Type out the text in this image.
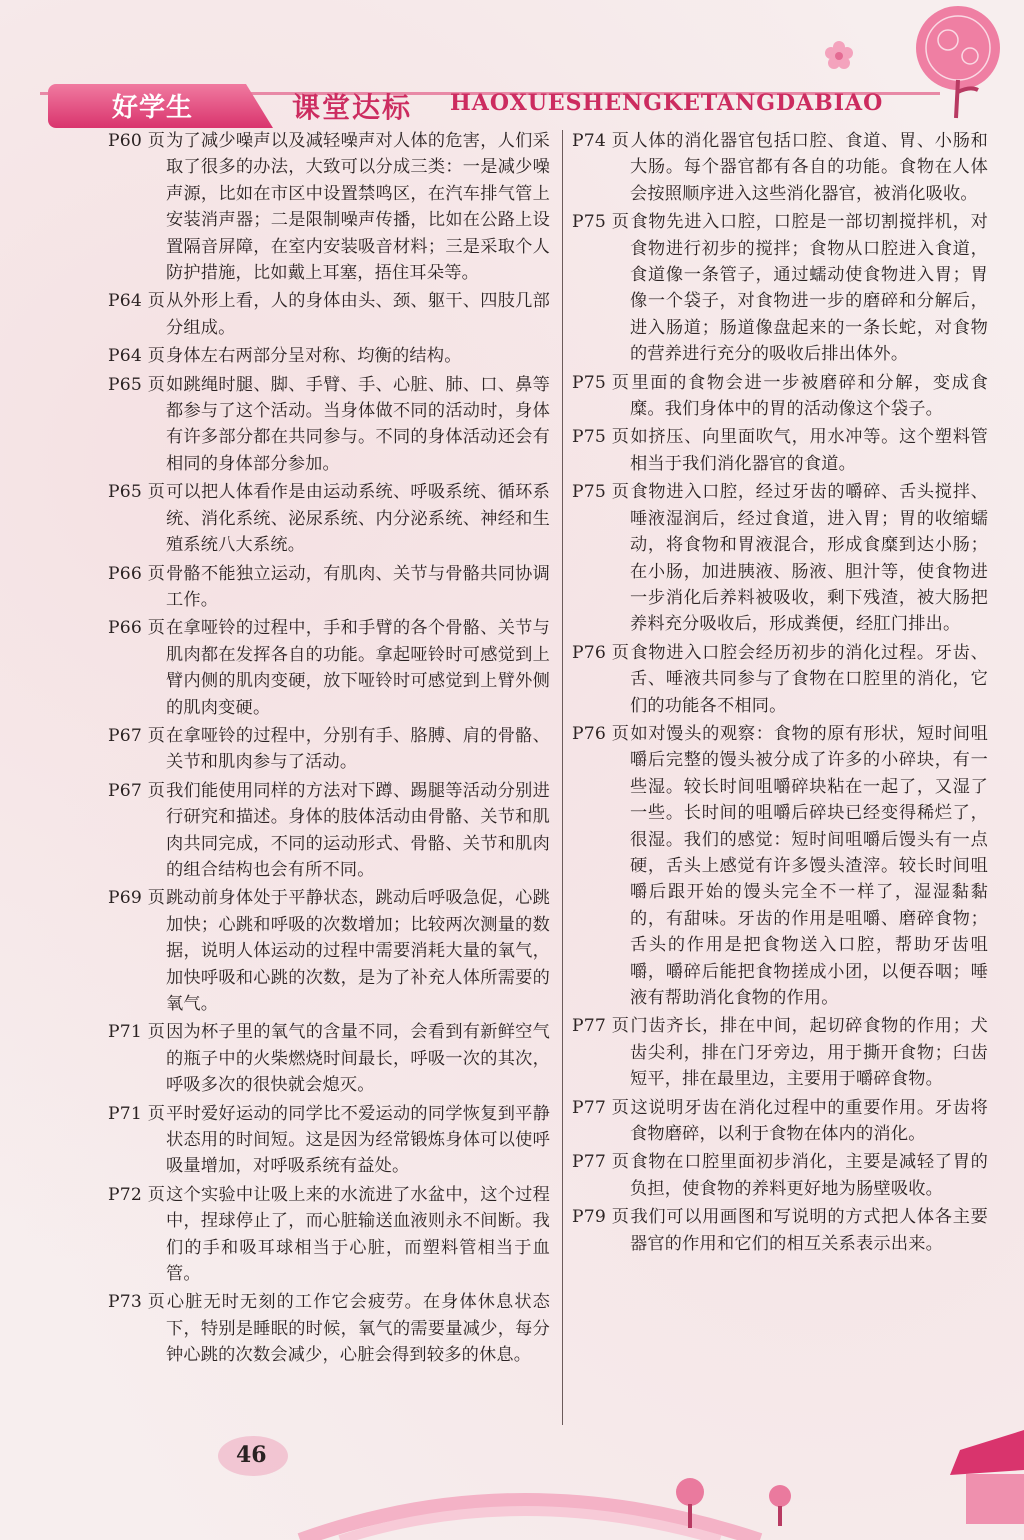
好学生	课堂达标 HAOXUESHENGKETANGDABIAO
P60 页为了减少噪声以及减轻噪声对人体的危害，人们采取了很多的办法，大致可以分成三类：一是减少噪声源，比如在市区中设置禁鸣区，在汽车排气管上安装消声器；二是限制噪声传播，比如在公路上设置隔音屏障，在室内安装吸音材料；三是采取个人防护措施，比如戴上耳塞，捂住耳朵等。
P64 页从外形上看，人的身体由头、颈、躯干、四肢几部分组成。
P64 页身体左右两部分呈对称、均衡的结构。
P65 页如跳绳时腿、脚、手臂、手、心脏、肺、口、鼻等都参与了这个活动。当身体做不同的活动时，身体有许多部分都在共同参与。不同的身体活动还会有相同的身体部分参加。
P65 页可以把人体看作是由运动系统、呼吸系统、循环系统、消化系统、泌尿系统、内分泌系统、神经和生殖系统八大系统。
P66 页骨骼不能独立运动，有肌肉、关节与骨骼共同协调工作。
P66 页在拿哑铃的过程中，手和手臂的各个骨骼、关节与肌肉都在发挥各自的功能。拿起哑铃时可感觉到上臂内侧的肌肉变硬，放下哑铃时可感觉到上臂外侧的肌肉变硬。
P67 页在拿哑铃的过程中，分别有手、胳膊、肩的骨骼、关节和肌肉参与了活动。
P67 页我们能使用同样的方法对下蹲、踢腿等活动分别进行研究和描述。身体的肢体活动由骨骼、关节和肌肉共同完成，不同的运动形式、骨骼、关节和肌肉的组合结构也会有所不同。
P69 页跳动前身体处于平静状态，跳动后呼吸急促，心跳加快；心跳和呼吸的次数增加；比较两次测量的数据，说明人体运动的过程中需要消耗大量的氧气，加快呼吸和心跳的次数，是为了补充人体所需要的氧气。
P71 页因为杯子里的氧气的含量不同，会看到有新鲜空气的瓶子中的火柴燃烧时间最长，呼吸一次的其次，呼吸多次的很快就会熄灭。
P71 页平时爱好运动的同学比不爱运动的同学恢复到平静状态用的时间短。这是因为经常锻炼身体可以使呼吸量增加，对呼吸系统有益处。
P72 页这个实验中让吸上来的水流进了水盆中，这个过程中，捏球停止了，而心脏输送血液则永不间断。我们的手和吸耳球相当于心脏，而塑料管相当于血管。
P73 页心脏无时无刻的工作它会疲劳。在身体休息状态下，特别是睡眠的时候，氧气的需要量减少，每分钟心跳的次数会减少，心脏会得到较多的休息。
P74 页人体的消化器官包括口腔、食道、胃、小肠和大肠。每个器官都有各自的功能。食物在人体会按照顺序进入这些消化器官，被消化吸收。
P75 页食物先进入口腔，口腔是一部切割搅拌机，对食物进行初步的搅拌；食物从口腔进入食道，食道像一条管子，通过蠕动使食物进入胃；胃像一个袋子，对食物进一步的磨碎和分解后，进入肠道；肠道像盘起来的一条长蛇，对食物的营养进行充分的吸收后排出体外。
P75 页里面的食物会进一步被磨碎和分解，变成食糜。我们身体中的胃的活动像这个袋子。
P75 页如挤压、向里面吹气，用水冲等。这个塑料管相当于我们消化器官的食道。
P75 页食物进入口腔，经过牙齿的嚼碎、舌头搅拌、唾液湿润后，经过食道，进入胃；胃的收缩蠕动，将食物和胃液混合，形成食糜到达小肠；在小肠，加进胰液、肠液、胆汁等，使食物进一步消化后养料被吸收，剩下残渣，被大肠把养料充分吸收后，形成粪便，经肛门排出。
P76 页食物进入口腔会经历初步的消化过程。牙齿、舌、唾液共同参与了食物在口腔里的消化，它们的功能各不相同。
P76 页如对馒头的观察：食物的原有形状，短时间咀嚼后完整的馒头被分成了许多的小碎块，有一些湿。较长时间咀嚼碎块粘在一起了，又湿了一些。长时间的咀嚼后碎块已经变得稀烂了，很湿。我们的感觉：短时间咀嚼后馒头有一点硬，舌头上感觉有许多馒头渣滓。较长时间咀嚼后跟开始的馒头完全不一样了，湿湿黏黏的，有甜味。牙齿的作用是咀嚼、磨碎食物；舌头的作用是把食物送入口腔，帮助牙齿咀嚼，嚼碎后能把食物搓成小团，以便吞咽；唾液有帮助消化食物的作用。
P77 页门齿齐长，排在中间，起切碎食物的作用；犬齿尖利，排在门牙旁边，用于撕开食物；臼齿短平，排在最里边，主要用于嚼碎食物。
P77 页这说明牙齿在消化过程中的重要作用。牙齿将食物磨碎，以利于食物在体内的消化。
P77 页食物在口腔里面初步消化，主要是减轻了胃的负担，使食物的养料更好地为肠壁吸收。
P79 页我们可以用画图和写说明的方式把人体各主要器官的作用和它们的相互关系表示出来。
46
